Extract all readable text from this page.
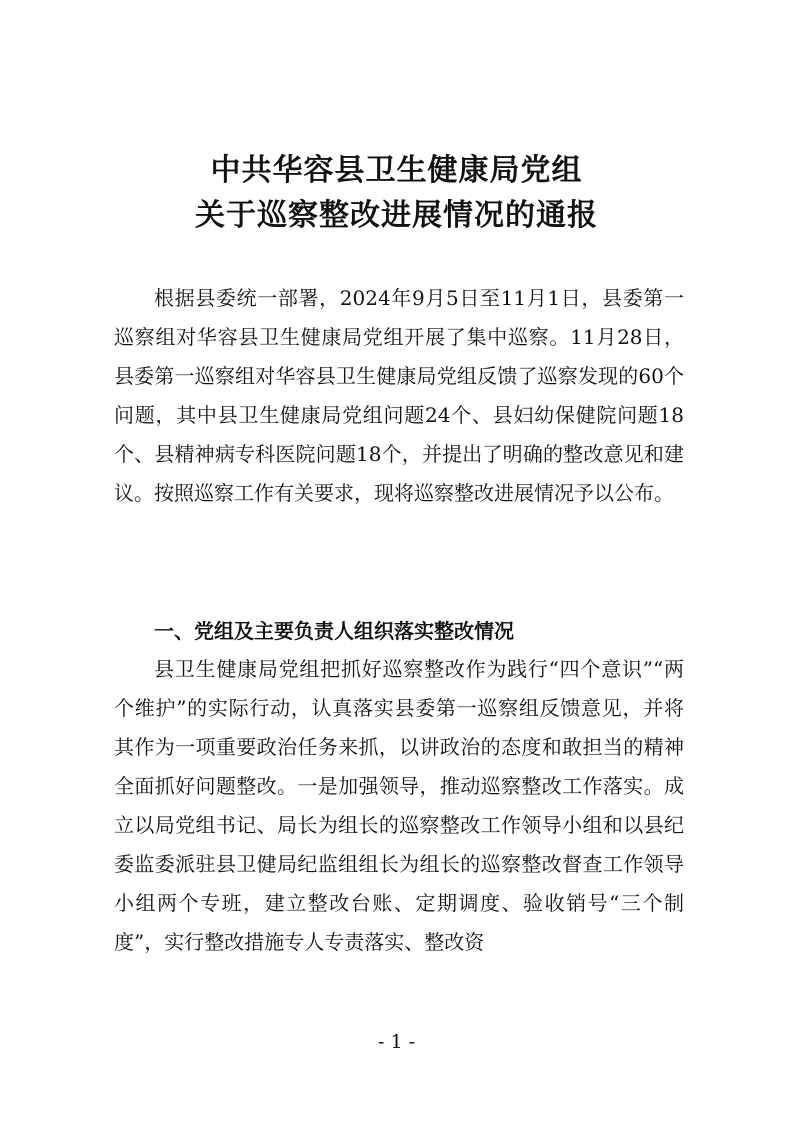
中共华容县卫生健康局党组
关于巡察整改进展情况的通报

根据县委统一部署，2024年9月5日至11月1日，县委第一巡察组对华容县卫生健康局党组开展了集中巡察。11月28日，县委第一巡察组对华容县卫生健康局党组反馈了巡察发现的60个问题，其中县卫生健康局党组问题24个、县妇幼保健院问题18个、县精神病专科医院问题18个，并提出了明确的整改意见和建议。按照巡察工作有关要求，现将巡察整改进展情况予以公布。

一、党组及主要负责人组织落实整改情况

县卫生健康局党组把抓好巡察整改作为践行“四个意识”“两个维护”的实际行动，认真落实县委第一巡察组反馈意见，并将其作为一项重要政治任务来抓，以讲政治的态度和敢担当的精神全面抓好问题整改。一是加强领导，推动巡察整改工作落实。成立以局党组书记、局长为组长的巡察整改工作领导小组和以县纪委监委派驻县卫健局纪监组组长为组长的巡察整改督查工作领导小组两个专班，建立整改台账、定期调度、验收销号“三个制度”，实行整改措施专人专责落实、整改资

- 1 -
